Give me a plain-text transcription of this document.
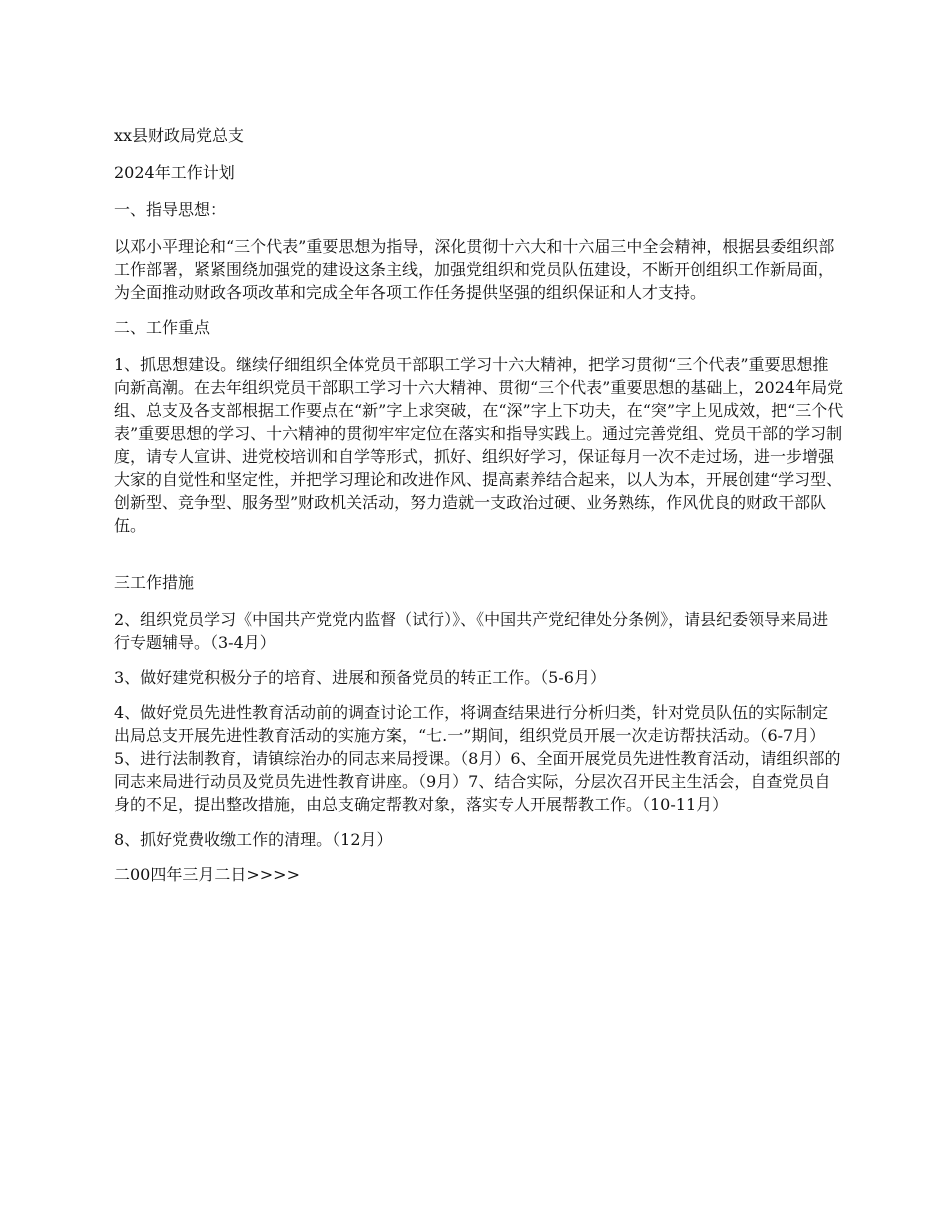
xx县财政局党总支

2024年工作计划

一、指导思想：

以邓小平理论和“三个代表”重要思想为指导，深化贯彻十六大和十六届三中全会精神，根据县委组织部工作部署，紧紧围绕加强党的建设这条主线，加强党组织和党员队伍建设，不断开创组织工作新局面，为全面推动财政各项改革和完成全年各项工作任务提供坚强的组织保证和人才支持。

二、工作重点

1、抓思想建设。继续仔细组织全体党员干部职工学习十六大精神，把学习贯彻“三个代表”重要思想推向新高潮。在去年组织党员干部职工学习十六大精神、贯彻“三个代表”重要思想的基础上，2024年局党组、总支及各支部根据工作要点在“新”字上求突破，在“深”字上下功夫，在“突”字上见成效，把“三个代表”重要思想的学习、十六精神的贯彻牢牢定位在落实和指导实践上。通过完善党组、党员干部的学习制度，请专人宣讲、进党校培训和自学等形式，抓好、组织好学习，保证每月一次不走过场，进一步增强大家的自觉性和坚定性，并把学习理论和改进作风、提高素养结合起来，以人为本，开展创建“学习型、创新型、竞争型、服务型”财政机关活动，努力造就一支政治过硬、业务熟练，作风优良的财政干部队伍。

三工作措施

2、组织党员学习《中国共产党党内监督（试行）》、《中国共产党纪律处分条例》，请县纪委领导来局进行专题辅导。（3-4月）

3、做好建党积极分子的培育、进展和预备党员的转正工作。（5-6月）

4、做好党员先进性教育活动前的调查讨论工作，将调查结果进行分析归类，针对党员队伍的实际制定出局总支开展先进性教育活动的实施方案，“七.一”期间，组织党员开展一次走访帮扶活动。（6-7月）5、进行法制教育，请镇综治办的同志来局授课。（8月）6、全面开展党员先进性教育活动，请组织部的同志来局进行动员及党员先进性教育讲座。（9月）7、结合实际，分层次召开民主生活会，自查党员自身的不足，提出整改措施，由总支确定帮教对象，落实专人开展帮教工作。（10-11月）

8、抓好党费收缴工作的清理。（12月）

二00四年三月二日>>>>
